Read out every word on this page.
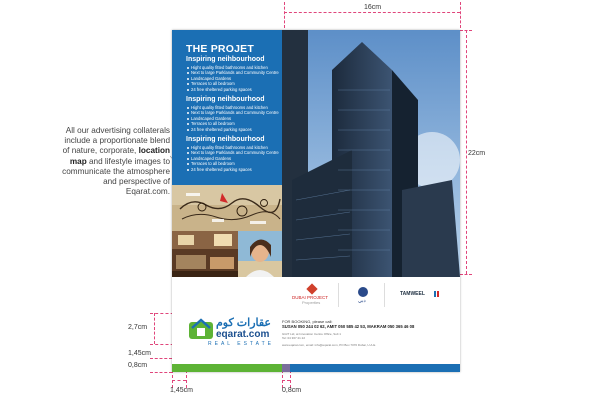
16cm
22cm
2,7cm
1,45cm
0,8cm
1,45cm	0,8cm
All our advertising collaterals include a proportionate blend of nature, corporate, location map and lifestyle images to communicate the atmosphere and perspective of Eqarat.com.
THE PROJET
Inspiring neihbourhood
Hight quality fitted bathrooms and kitchen
Next to large Parklands and Community Centre
Landscaped Gardens
Terraces to all bedroom
24 free sheltered parking spaces
Inspiring neihbourhood
Hight quality fitted bathrooms and kitchen
Next to large Parklands and Community Centre
Landscaped Gardens
Terraces to all bedroom
24 free sheltered parking spaces
Inspiring neihbourhood
Hight quality fitted bathrooms and kitchen
Next to large Parklands and Community Centre
Landscaped Gardens
Terraces to all bedroom
24 free sheltered parking spaces
DUBAI PROJECT
Properties	دبي
TAMWEEL
عقارات كوم
eqarat.com
REAL ESTATE
FOR BOOKING, please call:
SUSAN 050 244 02 62, AMIT 050 585 42 53, MAKRAM 050 365 46 08
GGIT Ltd, at Innovation Centre Office, Sult 1
Tel: 04 367 21 22
www.eqarat.com, email: info@eqarat.com, PO Box 7070 Dubai, U.A.E.
